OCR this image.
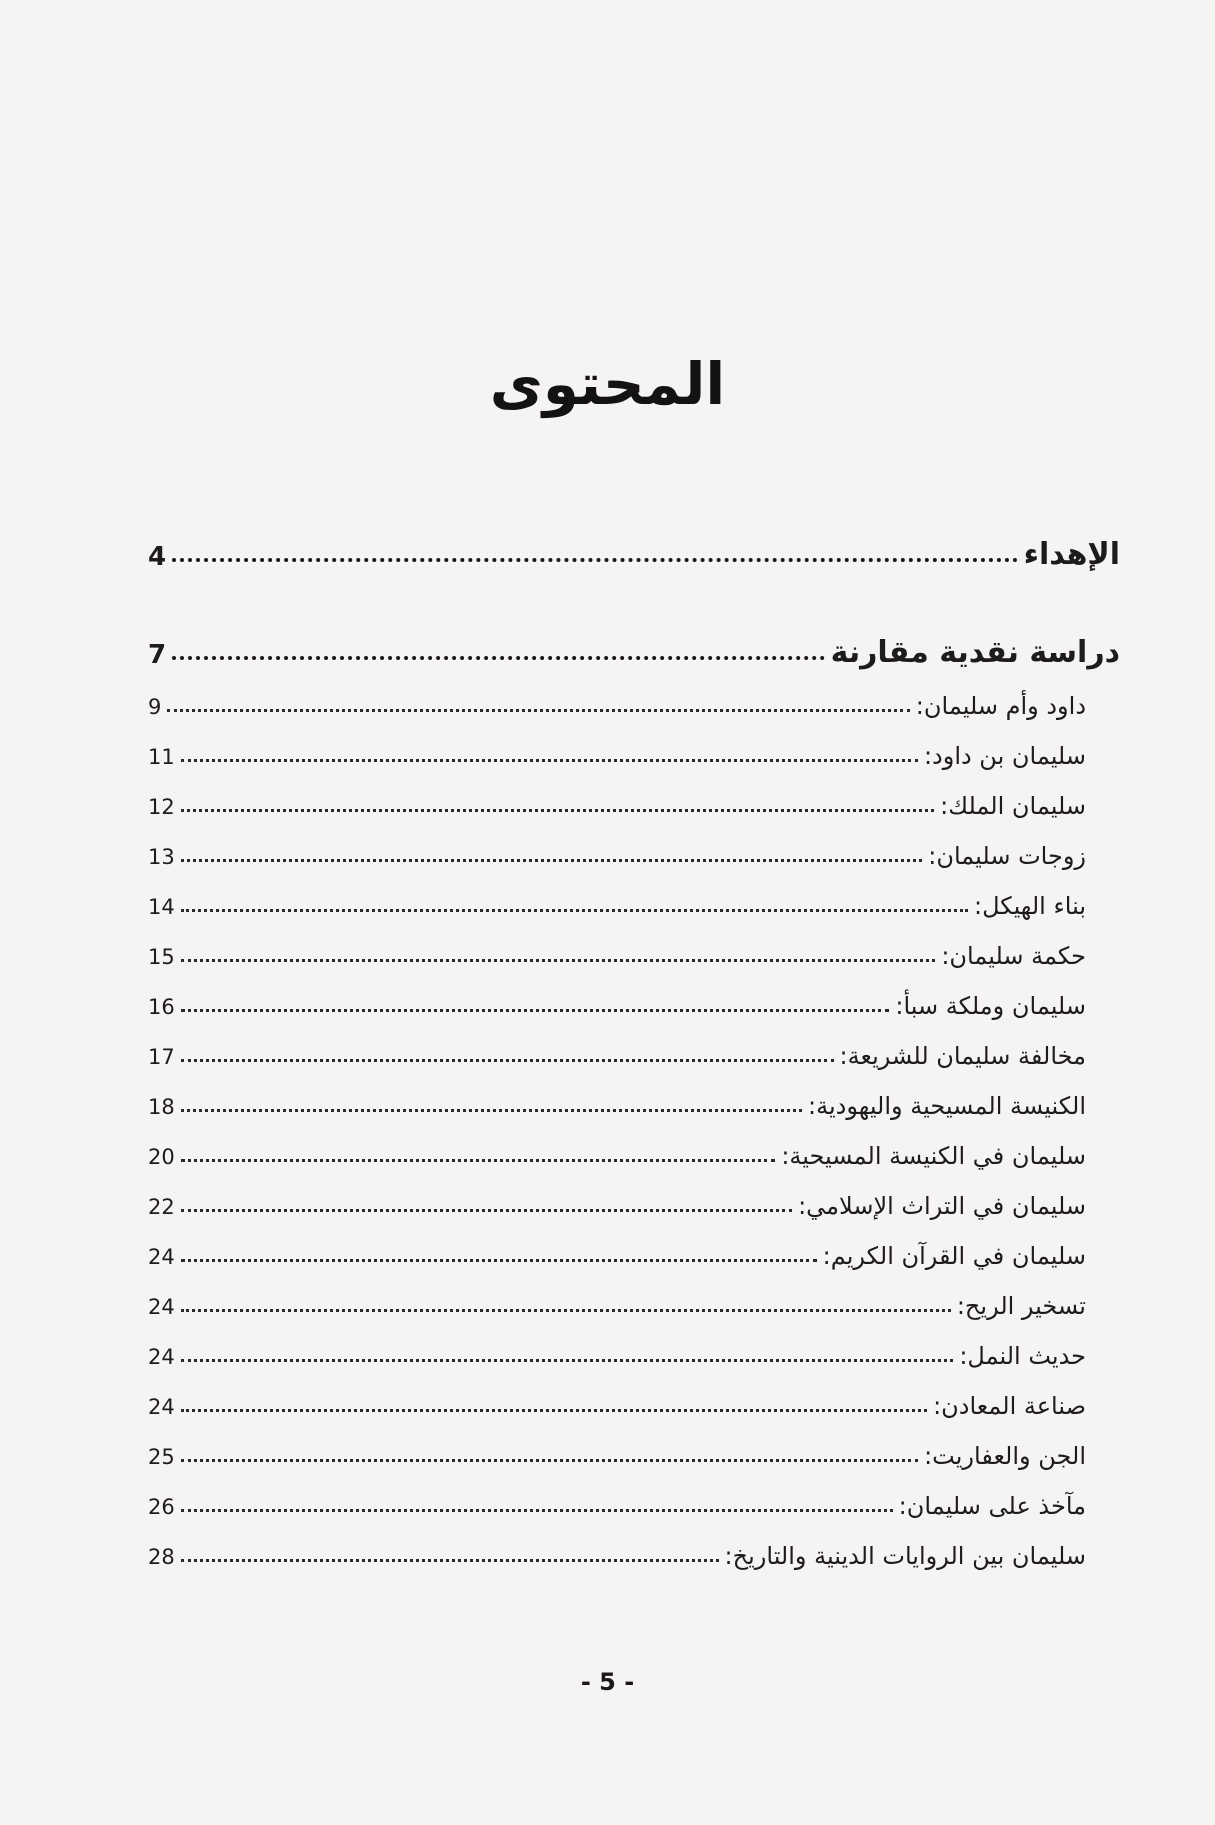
المحتوى
الإهداء
4
دراسة نقدية مقارنة
7
داود وأم سليمان:
9
سليمان بن داود:
11
سليمان الملك:
12
زوجات سليمان:
13
بناء الهيكل:
14
حكمة سليمان:
15
سليمان وملكة سبأ:
16
مخالفة سليمان للشريعة:
17
الكنيسة المسيحية واليهودية:
18
سليمان في الكنيسة المسيحية:
20
سليمان في التراث الإسلامي:
22
سليمان في القرآن الكريم:
24
تسخير الريح:
24
حديث النمل:
24
صناعة المعادن:
24
الجن والعفاريت:
25
مآخذ على سليمان:
26
سليمان بين الروايات الدينية والتاريخ:
28
- 5 -
